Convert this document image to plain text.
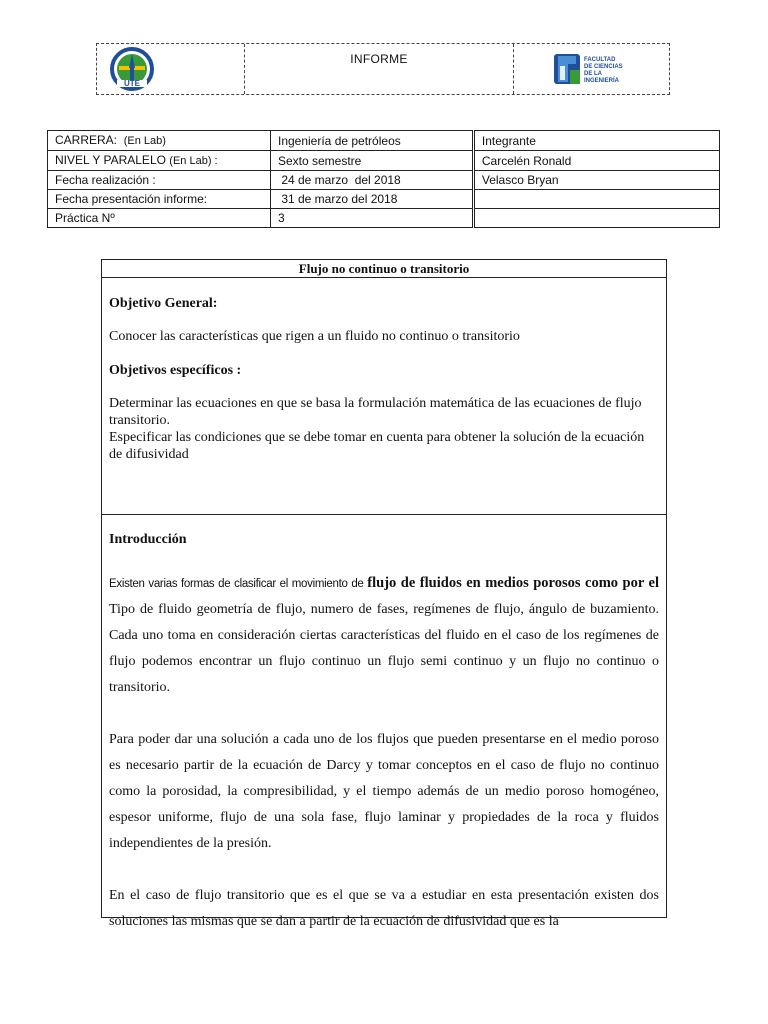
UTE
INFORME	FACULTAD
DE CIENCIAS
DE LA
INGENIERÍA
CARRERA: (En Lab)	Ingeniería de petróleos	Integrante
NIVEL Y PARALELO (En Lab) :	Sexto semestre	Carcelén Ronald
Fecha realización :	24 de marzo  del 2018	Velasco Bryan
Fecha presentación informe:	31 de marzo del 2018	
Práctica Nº	3	
Flujo no continuo o transitorio
Objetivo General:

Conocer las características que rigen a un fluido no continuo o transitorio

Objetivos específicos :

Determinar las ecuaciones en que se basa la formulación matemática de las ecuaciones de flujo transitorio.

Especificar las condiciones que se debe tomar en cuenta para obtener la solución de la ecuación de difusividad

Introducción

Existen varias formas de clasificar el movimiento de flujo de fluidos en medios porosos como por el Tipo de fluido geometría de flujo, numero de fases, regímenes de flujo, ángulo de buzamiento. Cada uno toma en consideración ciertas características del fluido en el caso de los regímenes de flujo podemos encontrar un flujo continuo un flujo semi continuo y un flujo no continuo o transitorio.

Para poder dar una solución a cada uno de los flujos que pueden presentarse en el medio poroso es necesario partir de la ecuación de Darcy y tomar conceptos en el caso de flujo no continuo como la porosidad, la compresibilidad, y el tiempo además de un medio poroso homogéneo, espesor uniforme, flujo de una sola fase, flujo laminar y propiedades de la roca y fluidos independientes de la presión.

En el caso de flujo transitorio que es el que se va a estudiar en esta presentación existen dos soluciones las mismas que se dan a partir de la ecuación de difusividad que es la
